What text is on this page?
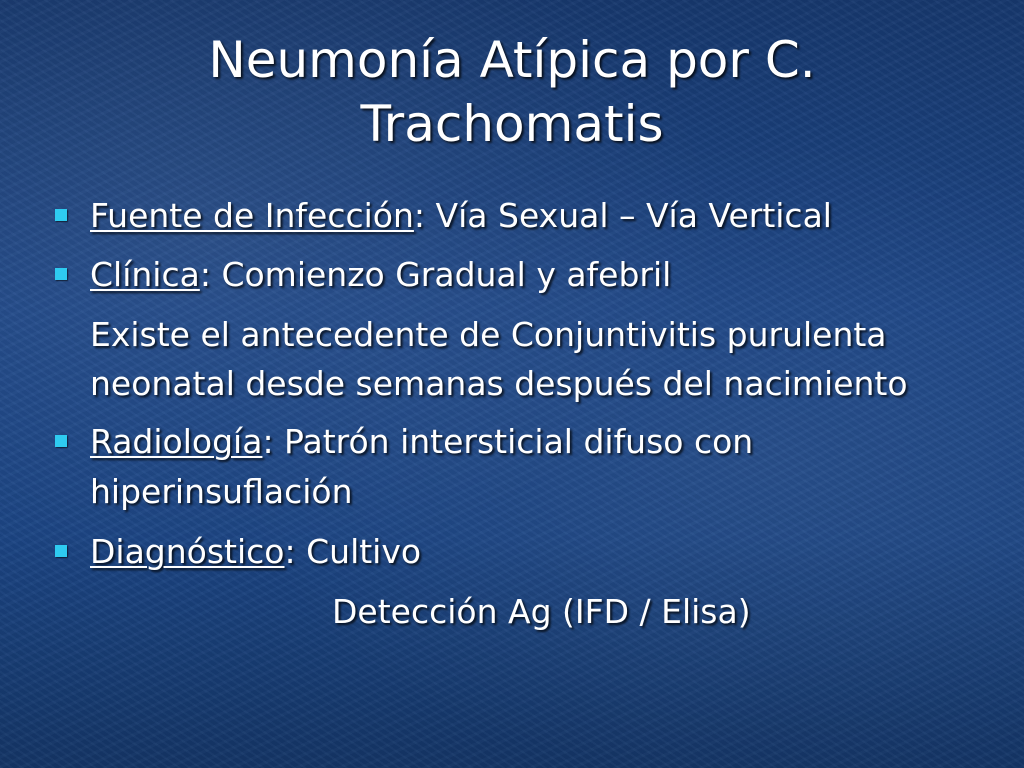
Neumonía Atípica por C.
Trachomatis
Fuente de Infección: Vía Sexual – Vía Vertical
Clínica: Comienzo Gradual y afebril
Existe el antecedente de Conjuntivitis purulenta
neonatal desde semanas después del nacimiento
Radiología: Patrón intersticial difuso con
hiperinsuflación
Diagnóstico: Cultivo
Detección Ag (IFD / Elisa)
